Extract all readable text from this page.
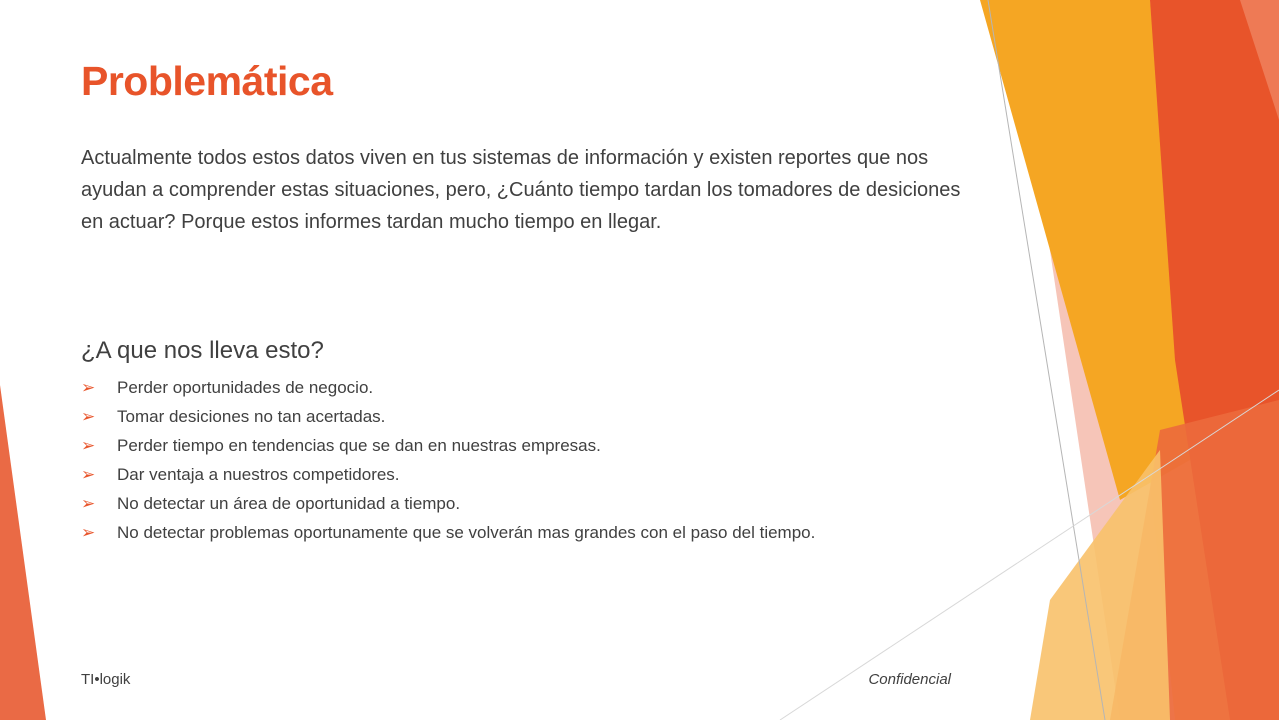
Problemática

Actualmente todos estos datos viven en tus sistemas de información y existen reportes que nos ayudan a comprender estas situaciones, pero, ¿Cuánto tiempo tardan los tomadores de desiciones en actuar? Porque estos informes tardan mucho tiempo en llegar.

¿A que nos lleva esto?
➢ Perder oportunidades de negocio.
➢ Tomar desiciones no tan acertadas.
➢ Perder tiempo en tendencias que se dan en nuestras empresas.
➢ Dar ventaja a nuestros competidores.
➢ No detectar un área de oportunidad a tiempo.
➢ No detectar problemas oportunamente que se volverán mas grandes con el paso del tiempo.
TI•logik	Confidencial
